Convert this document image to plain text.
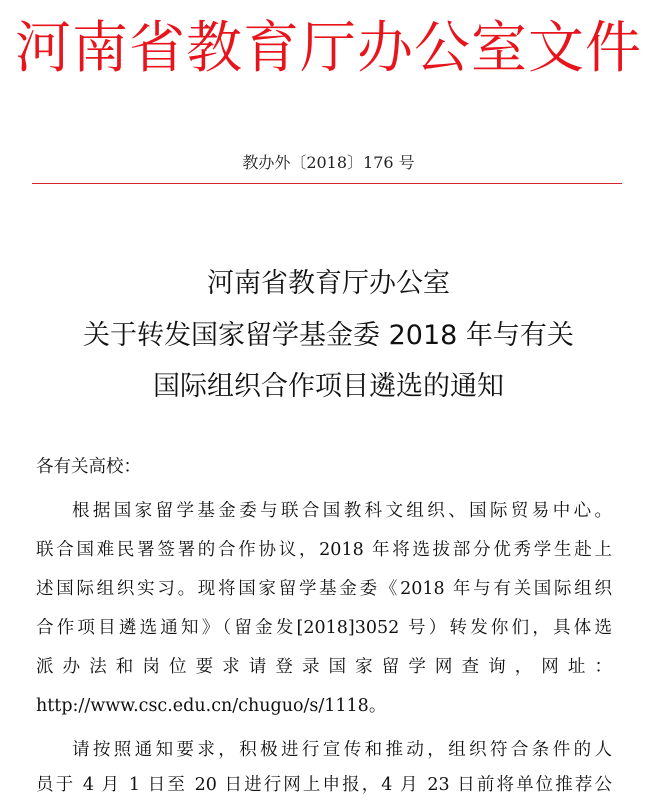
河南省教育厅办公室文件
教办外〔2018〕176 号
河南省教育厅办公室
关于转发国家留学基金委 2018 年与有关
国际组织合作项目遴选的通知
各有关高校：
根据国家留学基金委与联合国教科文组织、国际贸易中心。
联合国难民署签署的合作协议，2018 年将选拔部分优秀学生赴上
述国际组织实习。现将国家留学基金委《2018 年与有关国际组织
合作项目遴选通知》（留金发[2018]3052 号）转发你们，具体选
派办法和岗位要求请登录国家留学网查询，网址：
http://www.csc.edu.cn/chuguo/s/1118。
请按照通知要求，积极进行宣传和推动，组织符合条件的人
员于 4 月 1 日至 20 日进行网上申报，4 月 23 日前将单位推荐公
